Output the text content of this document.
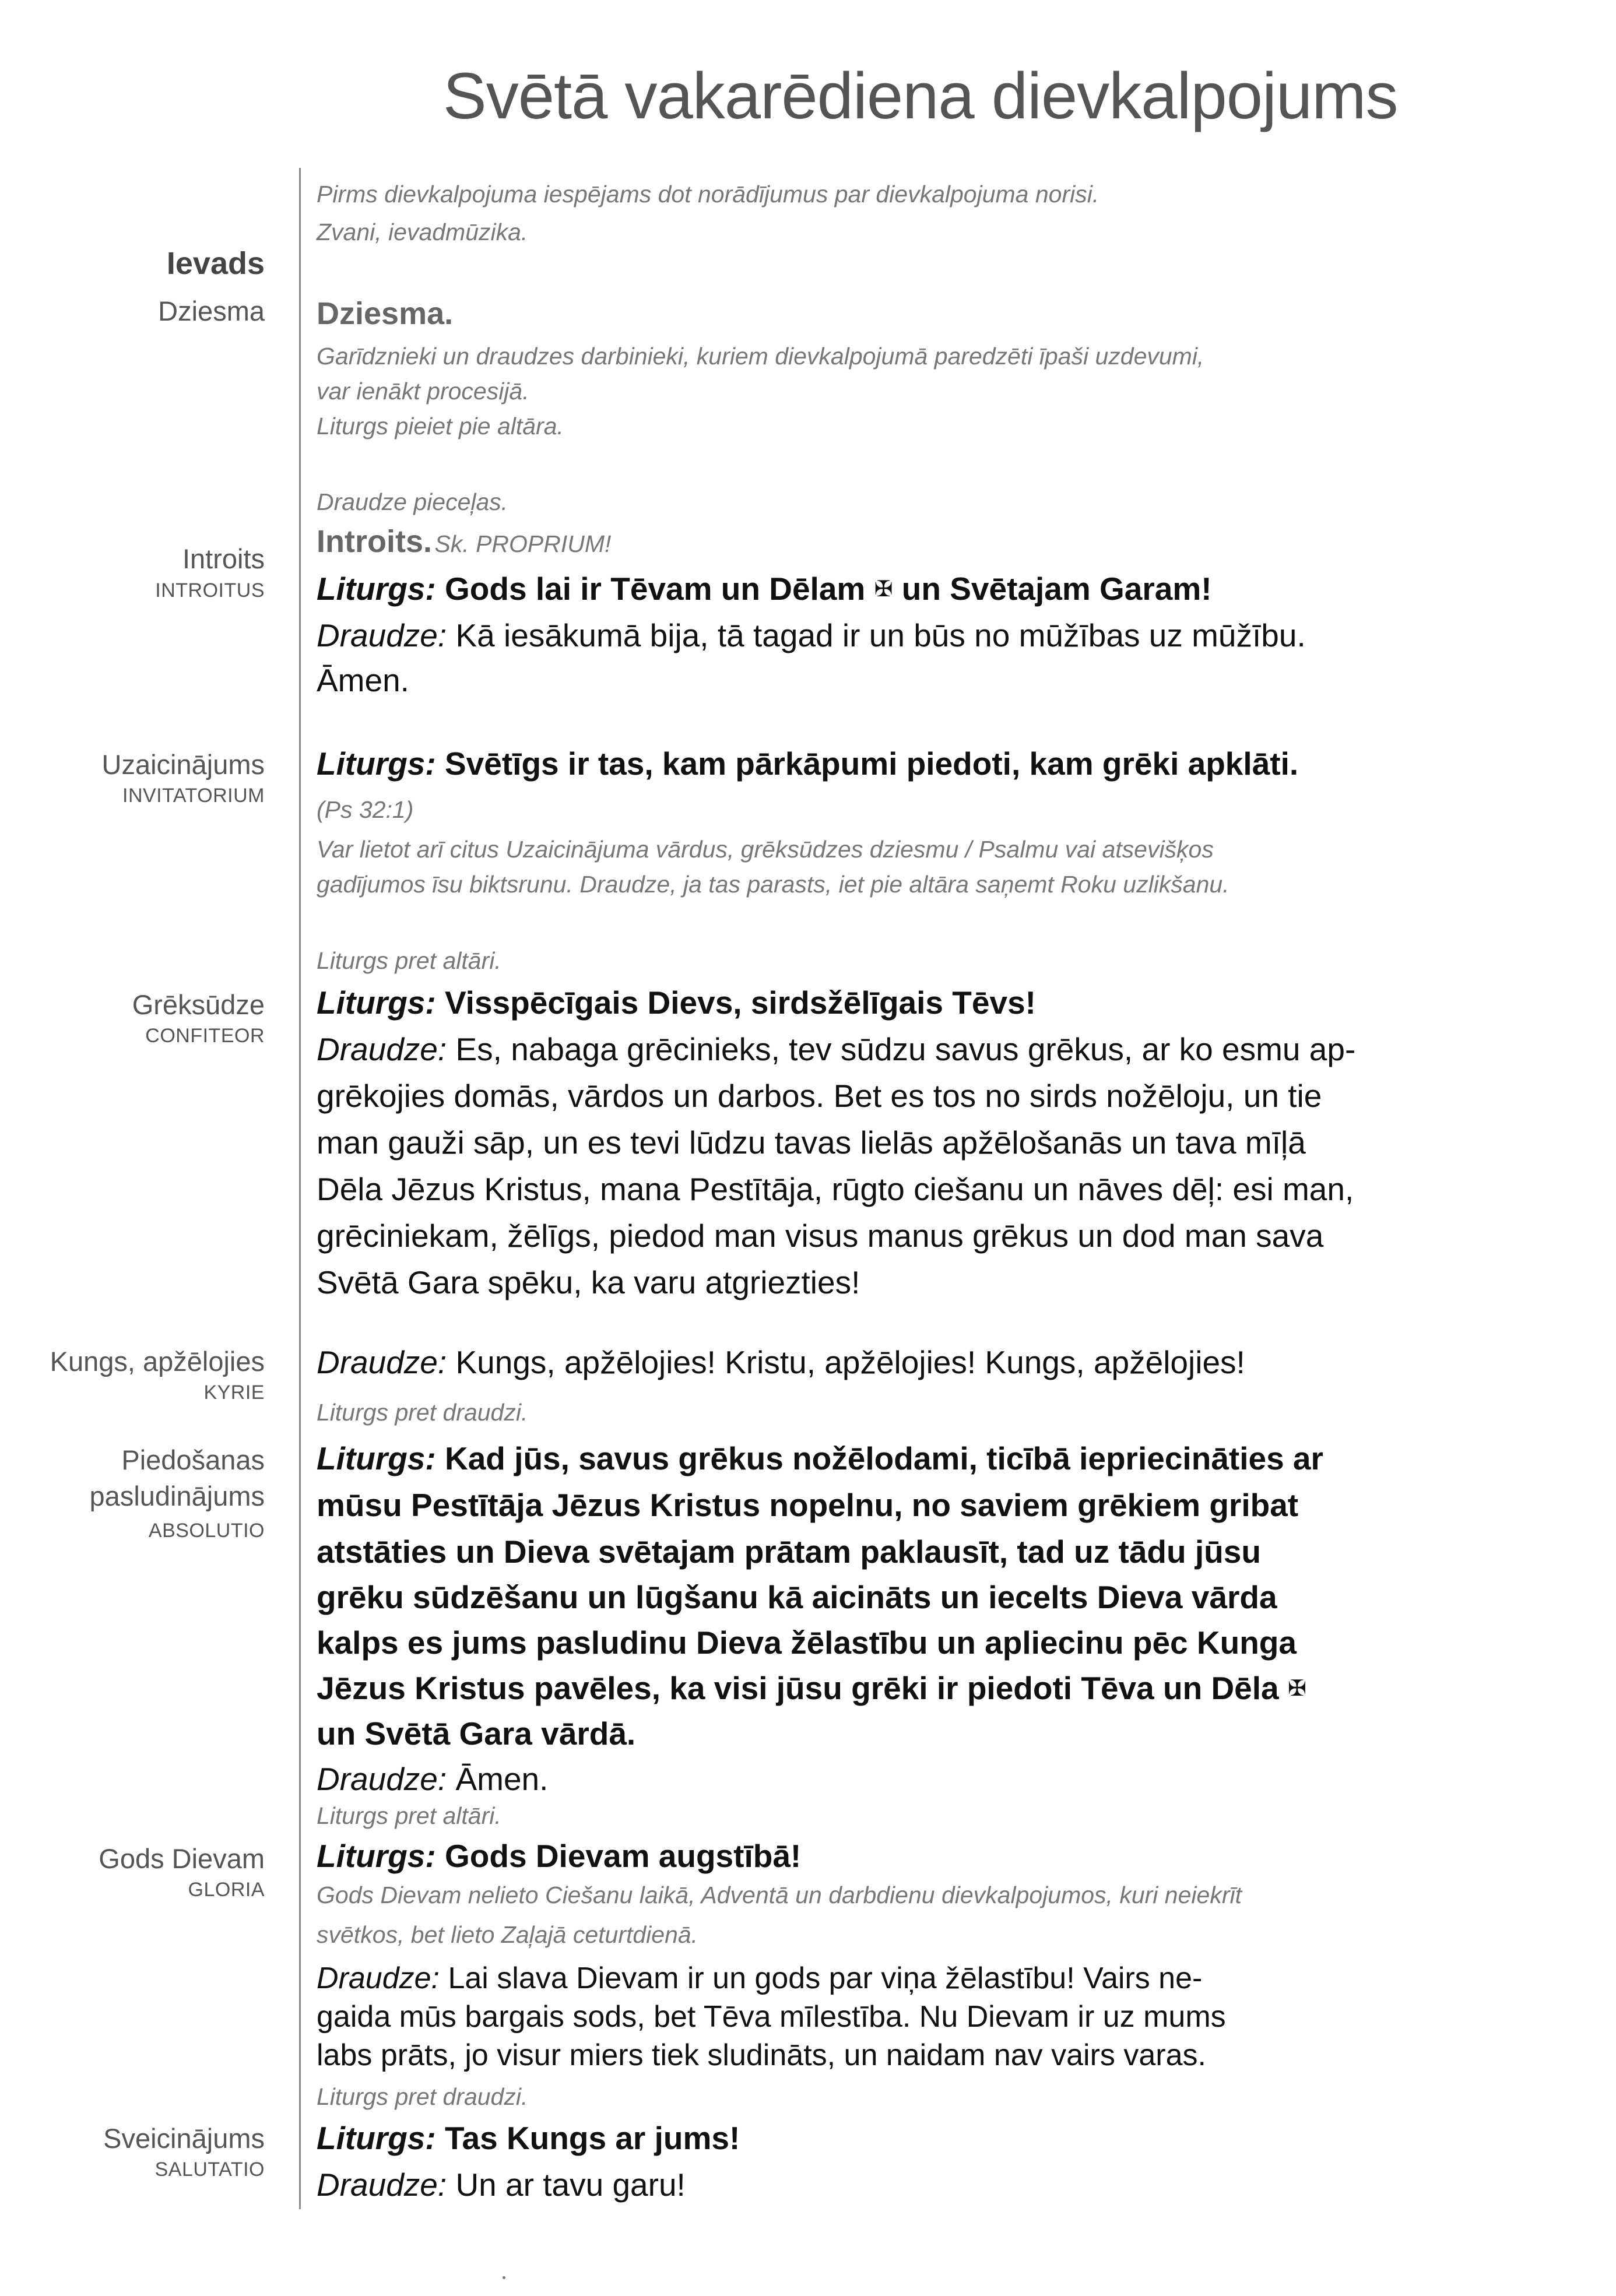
Svētā vakarēdiena dievkalpojums
Ievads
Dziesma
Introits
INTROITUS
Uzaicinājums
INVITATORIUM
Grēksūdze
CONFITEOR
Kungs, apžēlojies
KYRIE
Piedošanas
pasludinājums
ABSOLUTIO
Gods Dievam
GLORIA
Sveicinājums
SALUTATIO
Pirms dievkalpojuma iespējams dot norādījumus par dievkalpojuma norisi.
Zvani, ievadmūzika.
Dziesma.
Garīdznieki un draudzes darbinieki, kuriem dievkalpojumā paredzēti īpaši uzdevumi,
var ienākt procesijā.
Liturgs pieiet pie altāra.
Draudze pieceļas.
Introits. Sk. PROPRIUM!
Liturgs: Gods lai ir Tēvam un Dēlam ✠ un Svētajam Garam!
Draudze: Kā iesākumā bija, tā tagad ir un būs no mūžības uz mūžību.
Āmen.
Liturgs: Svētīgs ir tas, kam pārkāpumi piedoti, kam grēki apklāti.
(Ps 32:1)
Var lietot arī citus Uzaicinājuma vārdus, grēksūdzes dziesmu / Psalmu vai atsevišķos
gadījumos īsu biktsrunu. Draudze, ja tas parasts, iet pie altāra saņemt Roku uzlikšanu.
Liturgs pret altāri.
Liturgs: Visspēcīgais Dievs, sirdsžēlīgais Tēvs!
Draudze: Es, nabaga grēcinieks, tev sūdzu savus grēkus, ar ko esmu ap-
grēkojies domās, vārdos un darbos. Bet es tos no sirds nožēloju, un tie
man gauži sāp, un es tevi lūdzu tavas lielās apžēlošanās un tava mīļā
Dēla Jēzus Kristus, mana Pestītāja, rūgto ciešanu un nāves dēļ: esi man,
grēciniekam, žēlīgs, piedod man visus manus grēkus un dod man sava
Svētā Gara spēku, ka varu atgriezties!
Draudze: Kungs, apžēlojies! Kristu, apžēlojies! Kungs, apžēlojies!
Liturgs pret draudzi.
Liturgs: Kad jūs, savus grēkus nožēlodami, ticībā iepriecināties ar
mūsu Pestītāja Jēzus Kristus nopelnu, no saviem grēkiem gribat
atstāties un Dieva svētajam prātam paklausīt, tad uz tādu jūsu
grēku sūdzēšanu un lūgšanu kā aicināts un iecelts Dieva vārda
kalps es jums pasludinu Dieva žēlastību un apliecinu pēc Kunga
Jēzus Kristus pavēles, ka visi jūsu grēki ir piedoti Tēva un Dēla ✠
un Svētā Gara vārdā.
Draudze: Āmen.
Liturgs pret altāri.
Liturgs: Gods Dievam augstībā!
Gods Dievam nelieto Ciešanu laikā, Adventā un darbdienu dievkalpojumos, kuri neiekrīt
svētkos, bet lieto Zaļajā ceturtdienā.
Draudze: Lai slava Dievam ir un gods par viņa žēlastību! Vairs ne-
gaida mūs bargais sods, bet Tēva mīlestība. Nu Dievam ir uz mums
labs prāts, jo visur miers tiek sludināts, un naidam nav vairs varas.
Liturgs pret draudzi.
Liturgs: Tas Kungs ar jums!
Draudze: Un ar tavu garu!
